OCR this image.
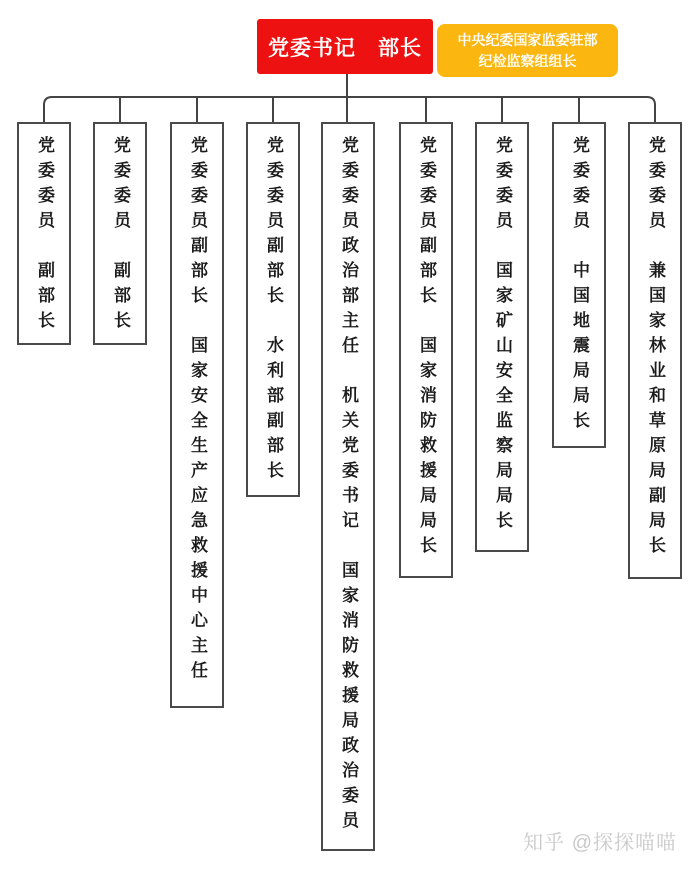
党委书记　部长	中央纪委国家监委驻部
纪检监察组组长
党委委员　副部长	党委委员　副部长	党委委员副部长　国家安全生产应急救援中心主任	党委委员副部长　水利部副部长	党委委员政治部主任　机关党委书记　国家消防救援局政治委员	党委委员副部长　国家消防救援局局长	党委委员　国家矿山安全监察局局长	党委委员　中国地震局局长	党委委员　兼国家林业和草原局副局长
知乎 @探探喵喵
